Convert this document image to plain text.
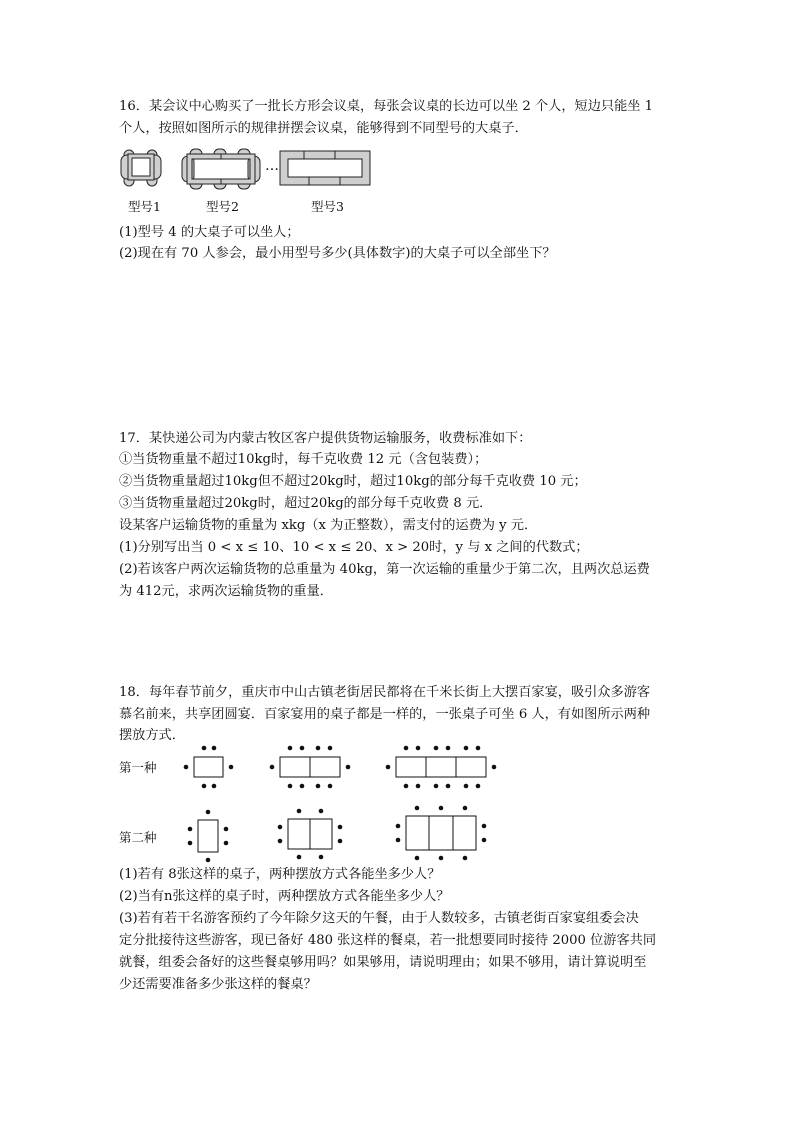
16．某会议中心购买了一批长方形会议桌，每张会议桌的长边可以坐 2 个人，短边只能坐 1
个人，按照如图所示的规律拼摆会议桌，能够得到不同型号的大桌子．
…
型号1	型号2	型号3
(1)型号 4 的大桌子可以坐人；
(2)现在有 70 人参会，最小用型号多少(具体数字)的大桌子可以全部坐下？
17．某快递公司为内蒙古牧区客户提供货物运输服务，收费标准如下：
①当货物重量不超过10kg时，每千克收费 12 元（含包装费）；
②当货物重量超过10kg但不超过20kg时，超过10kg的部分每千克收费 10 元；
③当货物重量超过20kg时，超过20kg的部分每千克收费 8 元．
设某客户运输货物的重量为 xkg（x 为正整数），需支付的运费为 y 元．
(1)分别写出当 0 < x ≤ 10、10 < x ≤ 20、x > 20时，y 与 x 之间的代数式；
(2)若该客户两次运输货物的总重量为 40kg，第一次运输的重量少于第二次，且两次总运费
为 412元，求两次运输货物的重量．
18．每年春节前夕，重庆市中山古镇老街居民都将在千米长街上大摆百家宴，吸引众多游客
慕名前来，共享团圆宴．百家宴用的桌子都是一样的，一张桌子可坐 6 人，有如图所示两种
摆放方式．
第一种
第二种
(1)若有 8张这样的桌子，两种摆放方式各能坐多少人？
(2)当有n张这样的桌子时，两种摆放方式各能坐多少人？
(3)若有若干名游客预约了今年除夕这天的午餐，由于人数较多，古镇老街百家宴组委会决
定分批接待这些游客，现已备好 480 张这样的餐桌，若一批想要同时接待 2000 位游客共同
就餐，组委会备好的这些餐桌够用吗？如果够用，请说明理由；如果不够用，请计算说明至
少还需要准备多少张这样的餐桌？
